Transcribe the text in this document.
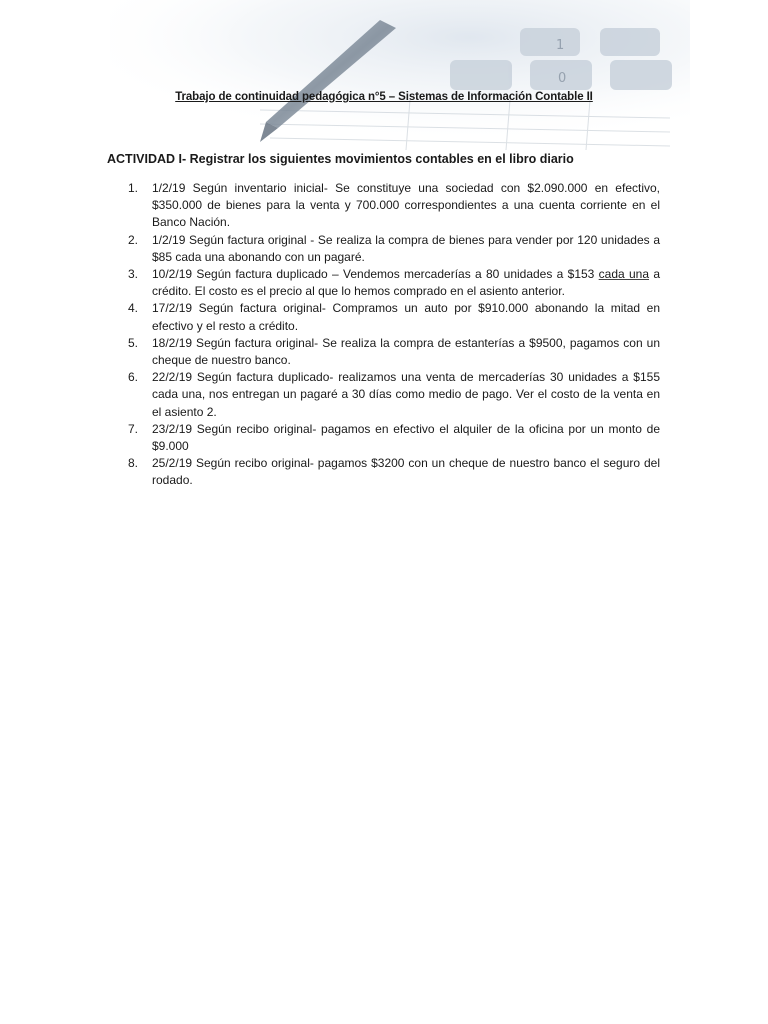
1
0
Trabajo de continuidad pedagógica n°5 – Sistemas de Información Contable II
ACTIVIDAD I- Registrar los siguientes movimientos contables en el libro diario
1. 1/2/19 Según inventario inicial- Se constituye una sociedad con $2.090.000 en efectivo, $350.000 de bienes para la venta y 700.000 correspondientes a una cuenta corriente en el Banco Nación.
2. 1/2/19 Según factura original - Se realiza la compra de bienes para vender por 120 unidades a $85 cada una abonando con un pagaré.
3. 10/2/19 Según factura duplicado – Vendemos mercaderías a 80 unidades a $153 cada una a crédito. El costo es el precio al que lo hemos comprado en el asiento anterior.
4. 17/2/19 Según factura original- Compramos un auto por $910.000 abonando la mitad en efectivo y el resto a crédito.
5. 18/2/19 Según factura original- Se realiza la compra de estanterías a $9500, pagamos con un cheque de nuestro banco.
6. 22/2/19 Según factura duplicado- realizamos una venta de mercaderías 30 unidades a $155 cada una, nos entregan un pagaré a 30 días como medio de pago. Ver el costo de la venta en el asiento 2.
7. 23/2/19 Según recibo original- pagamos en efectivo el alquiler de la oficina por un monto de $9.000
8. 25/2/19 Según recibo original- pagamos $3200 con un cheque de nuestro banco el seguro del rodado.
